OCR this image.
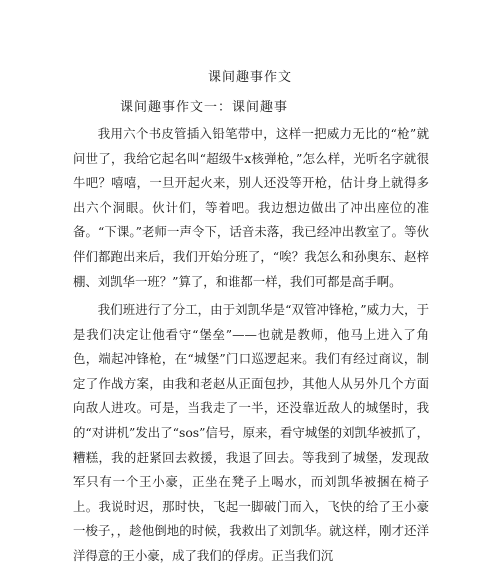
课间趣事作文
课间趣事作文一：课间趣事

我用六个书皮管插入铅笔带中，这样一把威力无比的“枪”就问世了，我给它起名叫“超级牛x核弹枪，”怎么样，光听名字就很牛吧？嘻嘻，一旦开起火来，别人还没等开枪，估计身上就得多出六个洞眼。伙计们，等着吧。我边想边做出了冲出座位的准备。“下课。”老师一声令下，话音未落，我已经冲出教室了。等伙伴们都跑出来后，我们开始分班了，“唉？我怎么和孙奥东、赵梓棚、刘凯华一班？”算了，和谁都一样，我们可都是高手啊。

我们班进行了分工，由于刘凯华是“双管冲锋枪，”威力大，于是我们决定让他看守“堡垒”——也就是教师，他马上进入了角色，端起冲锋枪，在“城堡”门口巡逻起来。我们有经过商议，制定了作战方案，由我和老赵从正面包抄，其他人从另外几个方面向敌人进攻。可是，当我走了一半，还没靠近敌人的城堡时，我的“对讲机”发出了“sos”信号，原来，看守城堡的刘凯华被抓了，糟糕，我的赶紧回去救援，我退了回去。等我到了城堡，发现敌军只有一个王小豪，正坐在凳子上喝水，而刘凯华被捆在椅子上。我说时迟，那时快，飞起一脚破门而入，飞快的给了王小豪一梭子，，趁他倒地的时候，我救出了刘凯华。就这样，刚才还洋洋得意的王小豪，成了我们的俘虏。正当我们沉
